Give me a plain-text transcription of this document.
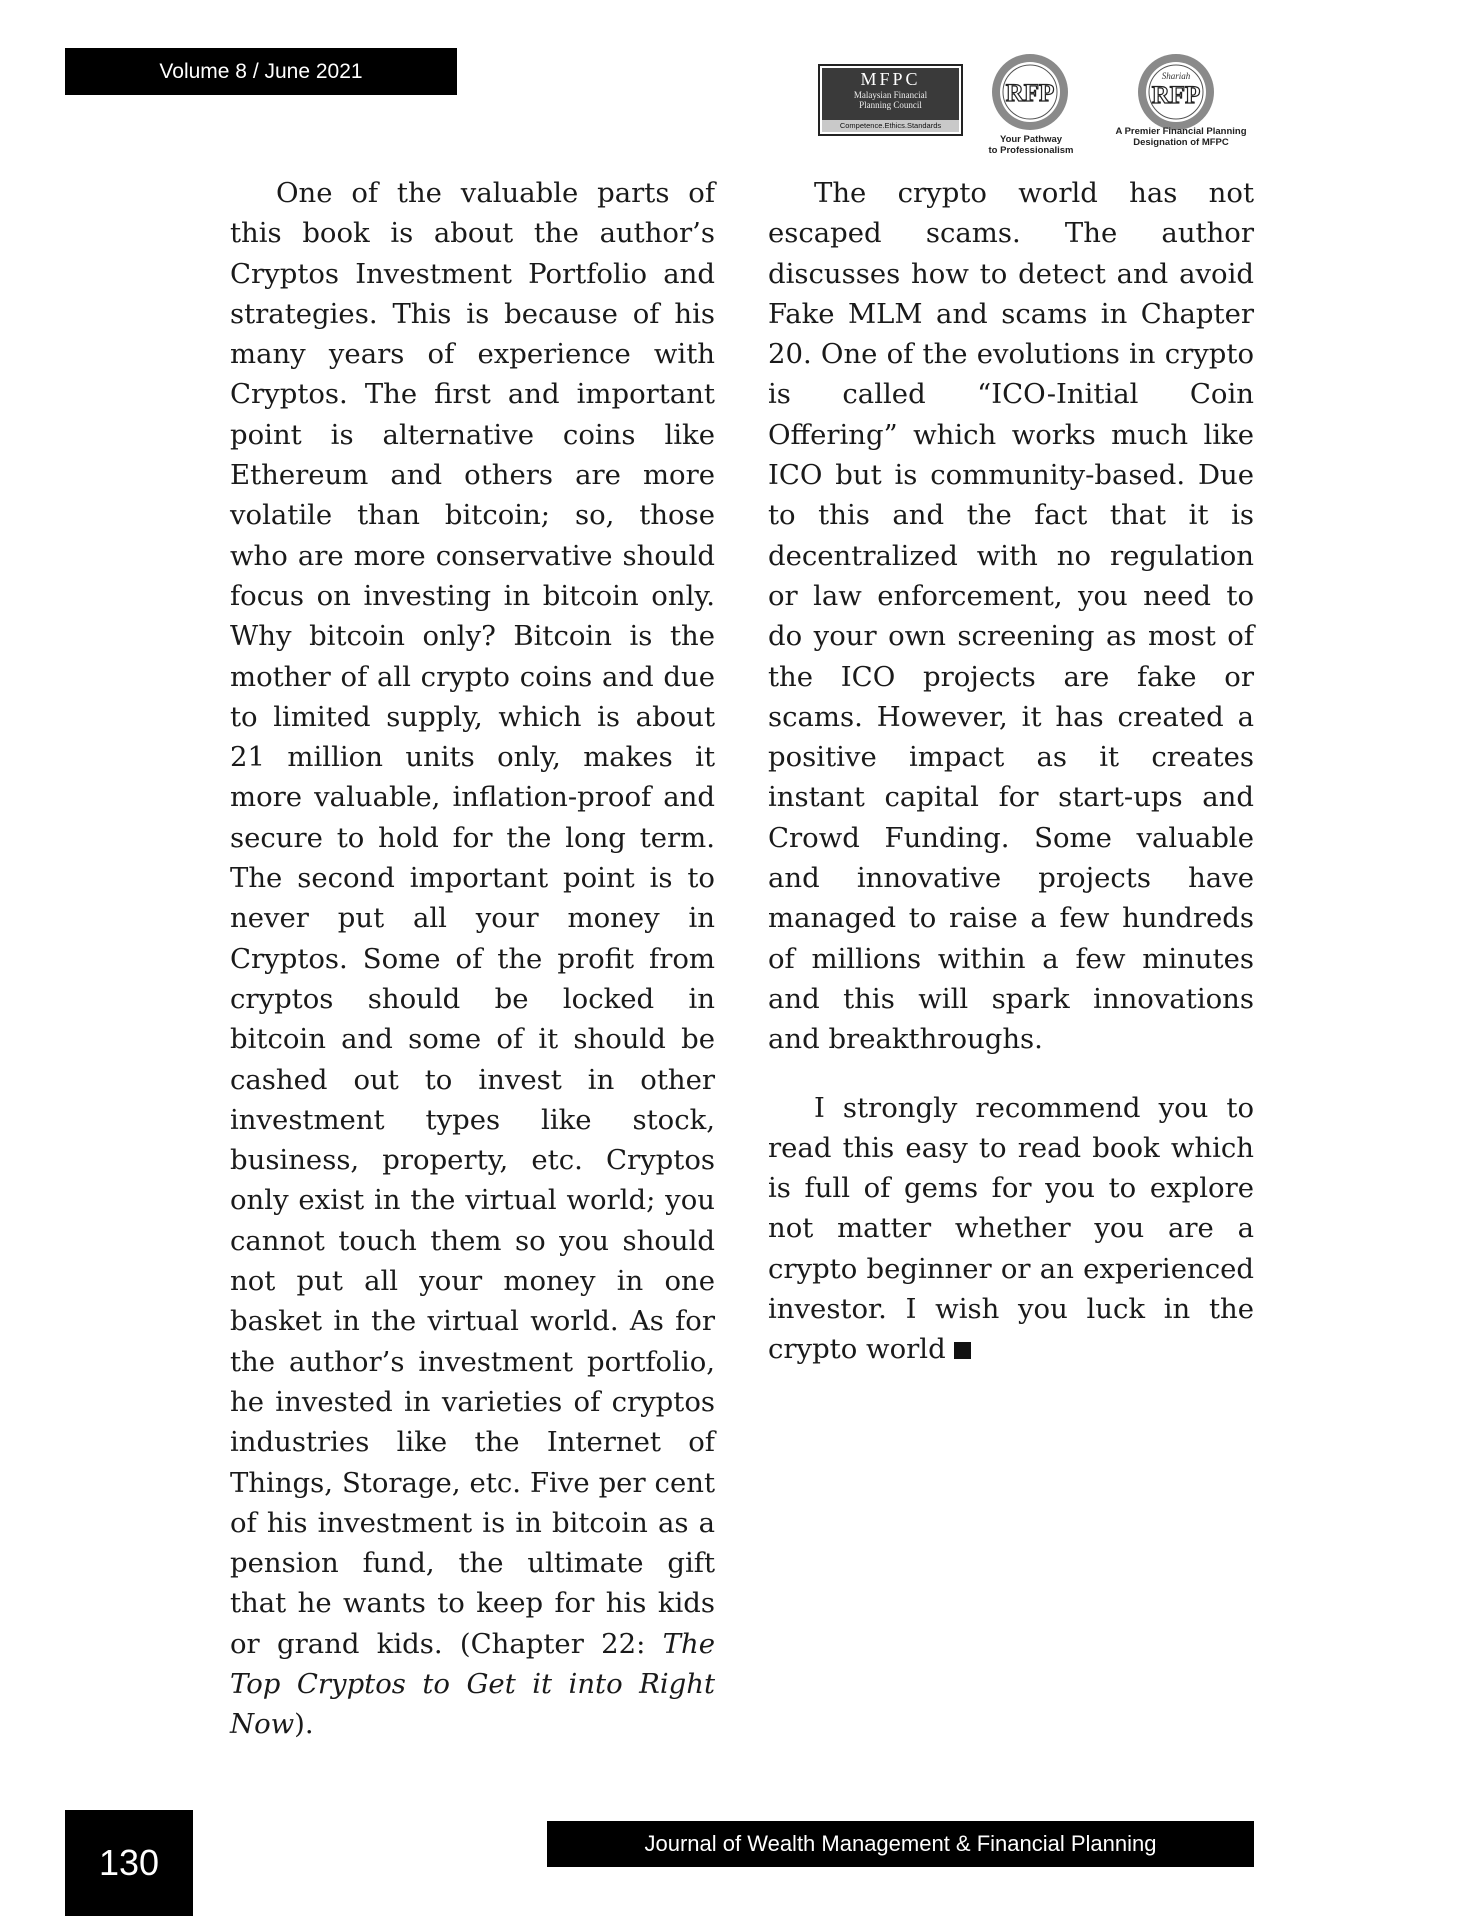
Volume 8 / June 2021	MFPC
Malaysian Financial
Planning Council
Competence.Ethics.Standards
RFP
Your Pathway
to Professionalism
Shariah
RFP
A Premier Financial Planning
Designation of MFPC

One of the valuable parts of this book is about the author’s Cryptos Investment Portfolio and strategies. This is because of his many years of experience with Cryptos. The first and important point is alternative coins like Ethereum and others are more volatile than bitcoin; so, those who are more conservative should focus on investing in bitcoin only. Why bitcoin only? Bitcoin is the mother of all crypto coins and due to limited supply, which is about 21 million units only, makes it more valuable, inflation-proof and secure to hold for the long term. The second important point is to never put all your money in Cryptos. Some of the profit from cryptos should be locked in bitcoin and some of it should be cashed out to invest in other investment types like stock, business, property, etc. Cryptos only exist in the virtual world; you cannot touch them so you should not put all your money in one basket in the virtual world. As for the author’s investment portfolio, he invested in varieties of cryptos industries like the Internet of Things, Storage, etc. Five per cent of his investment is in bitcoin as a pension fund, the ultimate gift that he wants to keep for his kids or grand kids. (Chapter 22: The Top Cryptos to Get it into Right Now).

The crypto world has not escaped scams. The author discusses how to detect and avoid Fake MLM and scams in Chapter 20. One of the evolutions in crypto is called “ICO-Initial Coin Offering” which works much like ICO but is community-based. Due to this and the fact that it is decentralized with no regulation or law enforcement, you need to do your own screening as most of the ICO projects are fake or scams. However, it has created a positive impact as it creates instant capital for start-ups and Crowd Funding. Some valuable and innovative projects have managed to raise a few hundreds of millions within a few minutes and this will spark innovations and breakthroughs.

I strongly recommend you to read this easy to read book which is full of gems for you to explore not matter whether you are a crypto beginner or an experienced investor. I wish you luck in the crypto world

130	Journal of Wealth Management & Financial Planning
